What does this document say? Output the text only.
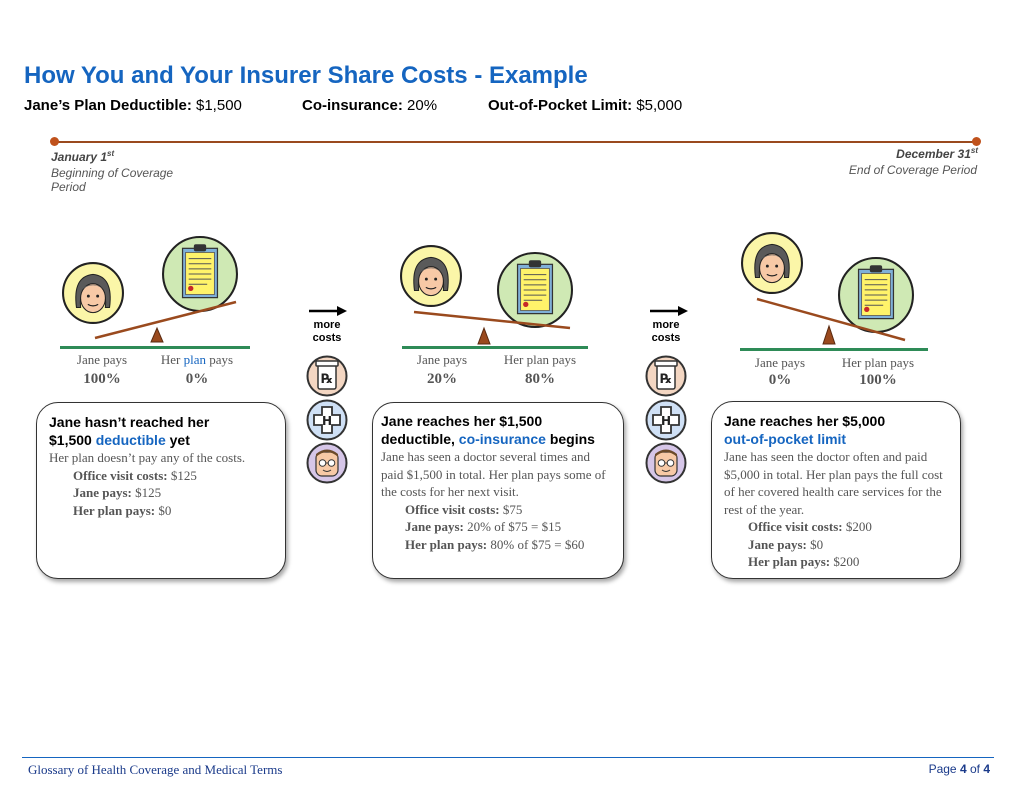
How You and Your Insurer Share Costs - Example
Jane’s Plan Deductible: $1,500	Co-insurance: 20%	Out-of-Pocket Limit: $5,000
January 1st
Beginning of Coverage Period
December 31st
End of Coverage Period
Jane pays	Her plan pays
100%	0%
Jane hasn’t reached her
$1,500 deductible yet
Her plan doesn’t pay any of the costs.
Office visit costs: $125
Jane pays: $125
Her plan pays: $0
more
costs
℞
H
Jane pays	Her plan pays
20%	80%
Jane reaches her $1,500
deductible, co-insurance begins
Jane has seen a doctor several times and paid $1,500 in total. Her plan pays some of the costs for her next visit.
Office visit costs: $75
Jane pays: 20% of $75 = $15
Her plan pays: 80% of $75 = $60
more
costs
℞
H
Jane pays	Her plan pays
0%	100%
Jane reaches her $5,000
out-of-pocket limit
Jane has seen the doctor often and paid $5,000 in total. Her plan pays the full cost of her covered health care services for the rest of the year.
Office visit costs: $200
Jane pays: $0
Her plan pays: $200
Glossary of Health Coverage and Medical Terms	Page 4 of 4
